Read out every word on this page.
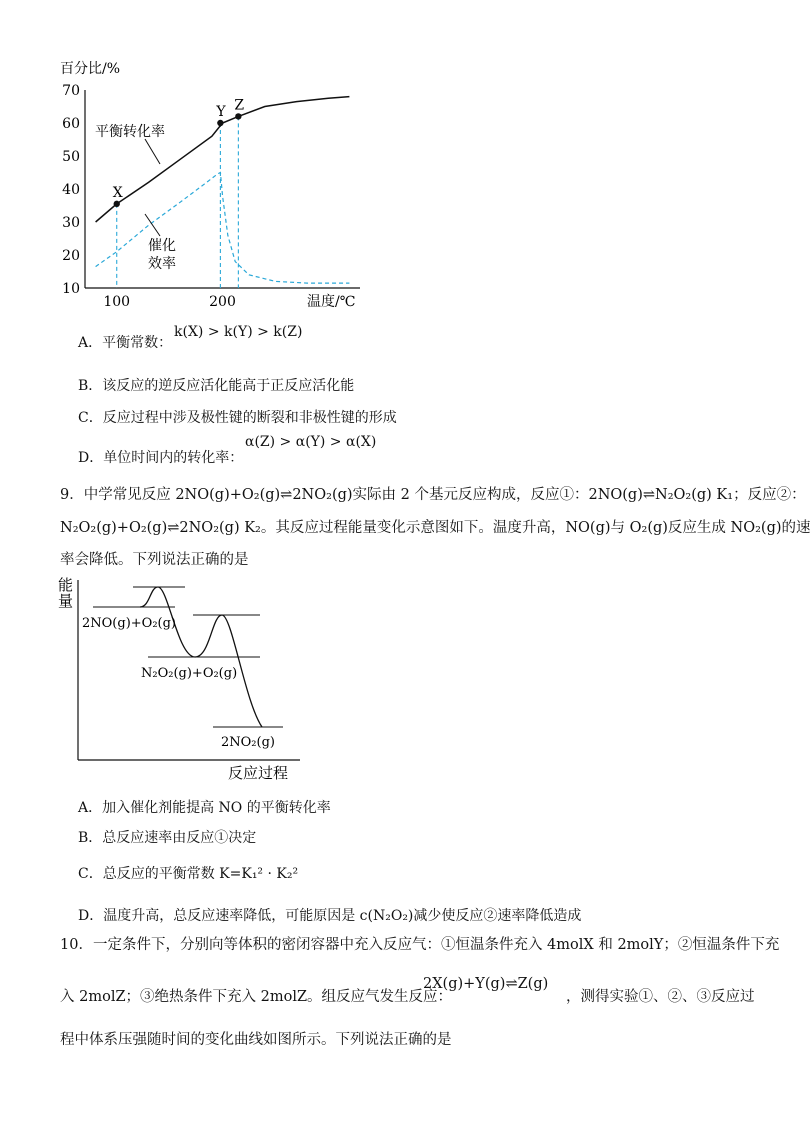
百分比/%
温度/℃
10
20
30
40
50
60
70
100	200
X
Y Z
平衡转化率
催化
效率
A．平衡常数：
k(X) > k(Y) > k(Z)
B．该反应的逆反应活化能高于正反应活化能
C．反应过程中涉及极性键的断裂和非极性键的形成
D．单位时间内的转化率：
α(Z) > α(Y) > α(X)
9．中学常见反应 2NO(g)+O₂(g)⇌2NO₂(g)实际由 2 个基元反应构成，反应①：2NO(g)⇌N₂O₂(g) K₁；反应②：
N₂O₂(g)+O₂(g)⇌2NO₂(g) K₂。其反应过程能量变化示意图如下。温度升高，NO(g)与 O₂(g)反应生成 NO₂(g)的速
率会降低。下列说法正确的是
能
量
反应过程
2NO(g)+O₂(g)
N₂O₂(g)+O₂(g)
2NO₂(g)
A．加入催化剂能提高 NO 的平衡转化率
B．总反应速率由反应①决定
C．总反应的平衡常数 K=K₁² · K₂²
D．温度升高，总反应速率降低，可能原因是 c(N₂O₂)减少使反应②速率降低造成
10．一定条件下，分别向等体积的密闭容器中充入反应气：①恒温条件充入 4molX 和 2molY；②恒温条件下充
入 2molZ；③绝热条件下充入 2molZ。组反应气发生反应：
2X(g)+Y(g)⇌Z(g)
，测得实验①、②、③反应过
程中体系压强随时间的变化曲线如图所示。下列说法正确的是
